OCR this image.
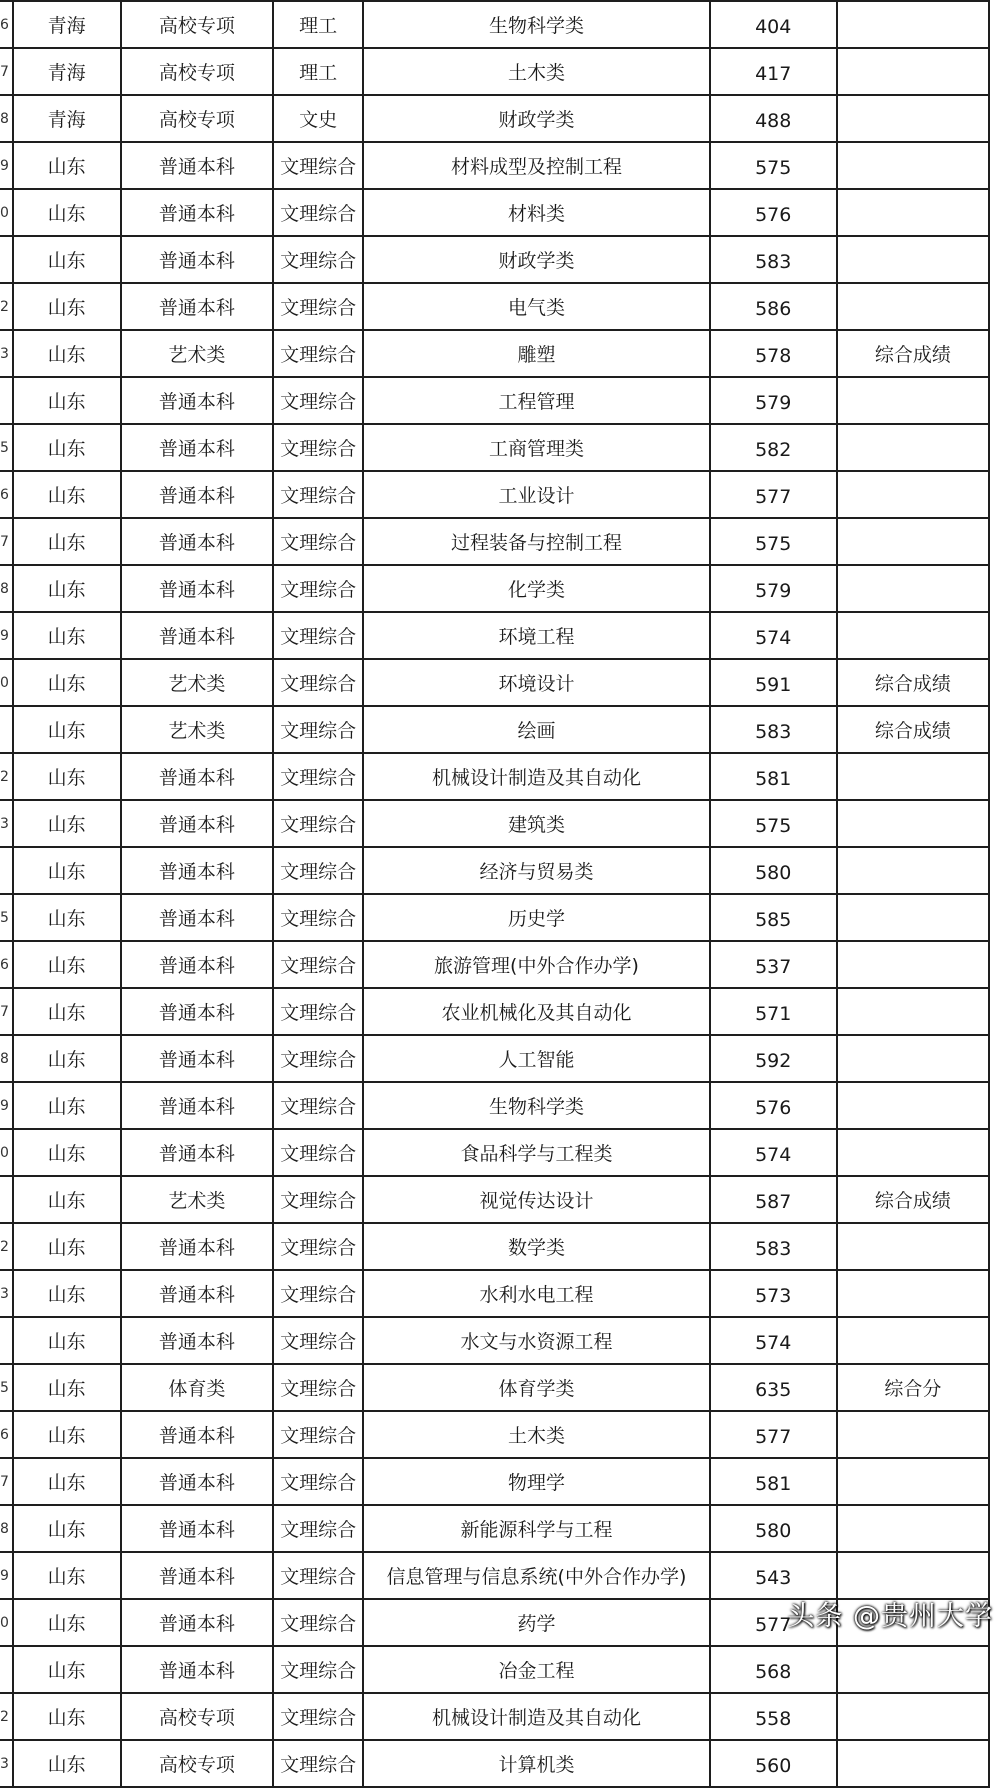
6	青海	高校专项	理工	生物科学类	404	
7	青海	高校专项	理工	土木类	417	
8	青海	高校专项	文史	财政学类	488	
9	山东	普通本科	文理综合	材料成型及控制工程	575	
0	山东	普通本科	文理综合	材料类	576	
	山东	普通本科	文理综合	财政学类	583	
2	山东	普通本科	文理综合	电气类	586	
3	山东	艺术类	文理综合	雕塑	578	综合成绩
	山东	普通本科	文理综合	工程管理	579	
5	山东	普通本科	文理综合	工商管理类	582	
6	山东	普通本科	文理综合	工业设计	577	
7	山东	普通本科	文理综合	过程装备与控制工程	575	
8	山东	普通本科	文理综合	化学类	579	
9	山东	普通本科	文理综合	环境工程	574	
0	山东	艺术类	文理综合	环境设计	591	综合成绩
	山东	艺术类	文理综合	绘画	583	综合成绩
2	山东	普通本科	文理综合	机械设计制造及其自动化	581	
3	山东	普通本科	文理综合	建筑类	575	
	山东	普通本科	文理综合	经济与贸易类	580	
5	山东	普通本科	文理综合	历史学	585	
6	山东	普通本科	文理综合	旅游管理(中外合作办学)	537	
7	山东	普通本科	文理综合	农业机械化及其自动化	571	
8	山东	普通本科	文理综合	人工智能	592	
9	山东	普通本科	文理综合	生物科学类	576	
0	山东	普通本科	文理综合	食品科学与工程类	574	
	山东	艺术类	文理综合	视觉传达设计	587	综合成绩
2	山东	普通本科	文理综合	数学类	583	
3	山东	普通本科	文理综合	水利水电工程	573	
	山东	普通本科	文理综合	水文与水资源工程	574	
5	山东	体育类	文理综合	体育学类	635	综合分
6	山东	普通本科	文理综合	土木类	577	
7	山东	普通本科	文理综合	物理学	581	
8	山东	普通本科	文理综合	新能源科学与工程	580	
9	山东	普通本科	文理综合	信息管理与信息系统(中外合作办学)	543	
0	山东	普通本科	文理综合	药学	577	
	山东	普通本科	文理综合	冶金工程	568	
2	山东	高校专项	文理综合	机械设计制造及其自动化	558	
3	山东	高校专项	文理综合	计算机类	560	
头条 @贵州大学
